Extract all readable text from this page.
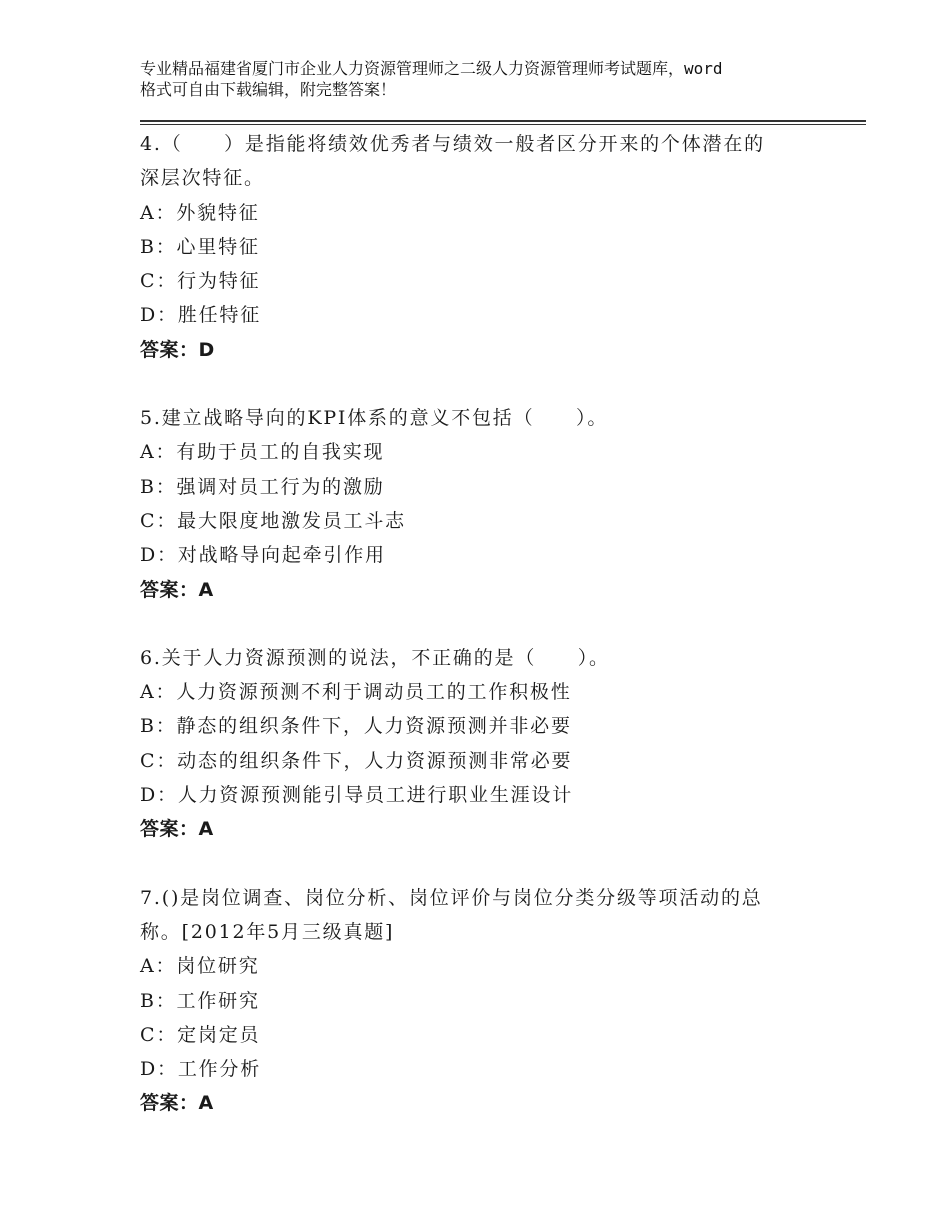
专业精品福建省厦门市企业人力资源管理师之二级人力资源管理师考试题库，word
格式可自由下载编辑，附完整答案！
4.（　　）是指能将绩效优秀者与绩效一般者区分开来的个体潜在的
深层次特征。
A：外貌特征
B：心里特征
C：行为特征
D：胜任特征
答案：D
5.建立战略导向的KPI体系的意义不包括（　　）。
A：有助于员工的自我实现
B：强调对员工行为的激励
C：最大限度地激发员工斗志
D：对战略导向起牵引作用
答案：A
6.关于人力资源预测的说法，不正确的是（　　）。
A：人力资源预测不利于调动员工的工作积极性
B：静态的组织条件下，人力资源预测并非必要
C：动态的组织条件下，人力资源预测非常必要
D：人力资源预测能引导员工进行职业生涯设计
答案：A
7.()是岗位调查、岗位分析、岗位评价与岗位分类分级等项活动的总
称。[2012年5月三级真题]
A：岗位研究
B：工作研究
C：定岗定员
D：工作分析
答案：A
